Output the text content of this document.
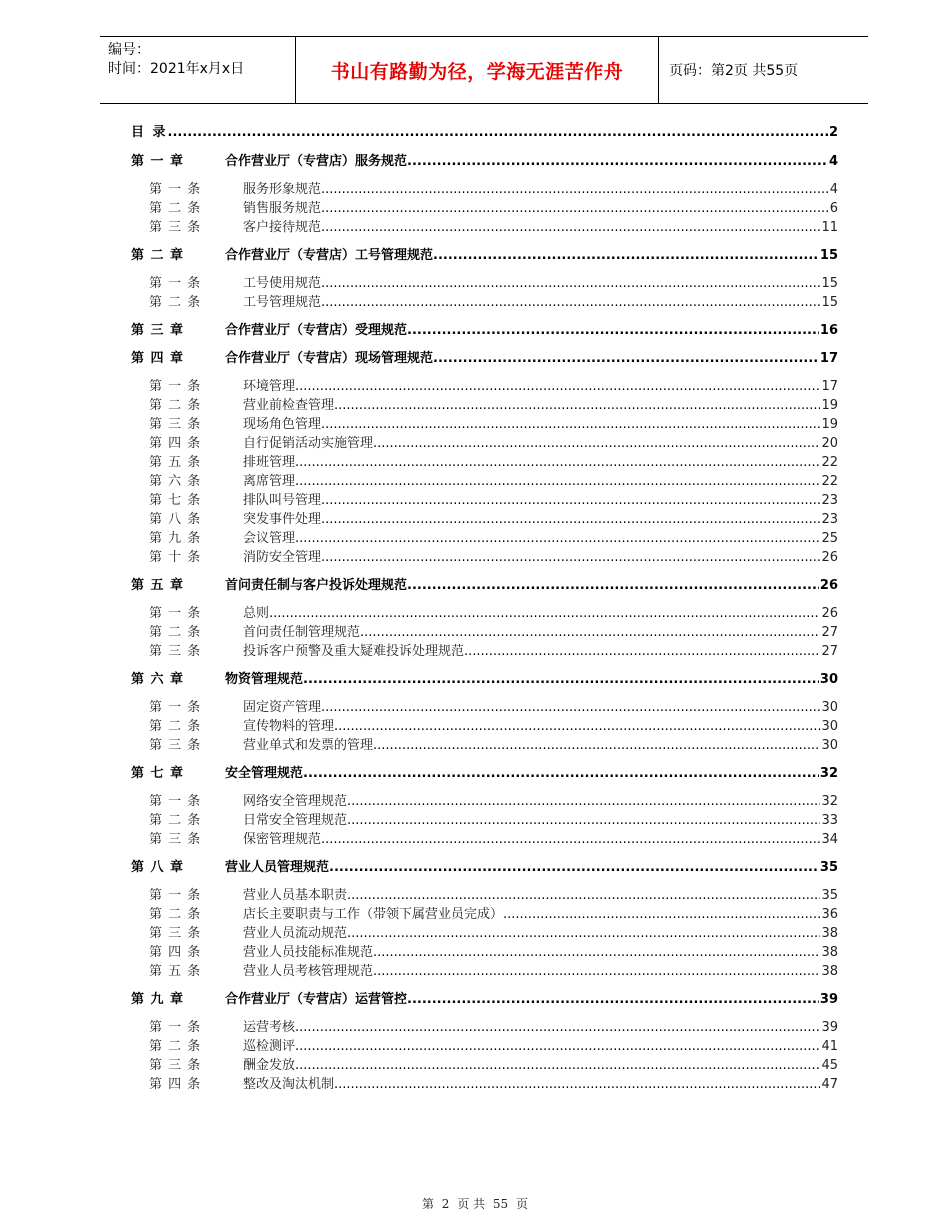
编号：
时间：2021年x月x日	书山有路勤为径，学海无涯苦作舟	页码：第2页 共55页
目 录 .....	2
第 一 章	合作营业厅（专营店）服务规范 .....	4
第 一 条	服务形象规范 .....	4
第 二 条	销售服务规范 .....	6
第 三 条	客户接待规范 .....	11
第 二 章	合作营业厅（专营店）工号管理规范 .....	15
第 一 条	工号使用规范 .....	15
第 二 条	工号管理规范 .....	15
第 三 章	合作营业厅（专营店）受理规范 .....	16
第 四 章	合作营业厅（专营店）现场管理规范 .....	17
第 一 条	环境管理 .....	17
第 二 条	营业前检查管理 .....	19
第 三 条	现场角色管理 .....	19
第 四 条	自行促销活动实施管理 .....	20
第 五 条	排班管理 .....	22
第 六 条	离席管理 .....	22
第 七 条	排队叫号管理 .....	23
第 八 条	突发事件处理 .....	23
第 九 条	会议管理 .....	25
第 十 条	消防安全管理 .....	26
第 五 章	首问责任制与客户投诉处理规范 .....	26
第 一 条	总则 .....	26
第 二 条	首问责任制管理规范 .....	27
第 三 条	投诉客户预警及重大疑难投诉处理规范 .....	27
第 六 章	物资管理规范 .....	30
第 一 条	固定资产管理 .....	30
第 二 条	宣传物料的管理 .....	30
第 三 条	营业单式和发票的管理 .....	30
第 七 章	安全管理规范 .....	32
第 一 条	网络安全管理规范 .....	32
第 二 条	日常安全管理规范 .....	33
第 三 条	保密管理规范 .....	34
第 八 章	营业人员管理规范 .....	35
第 一 条	营业人员基本职责 .....	35
第 二 条	店长主要职责与工作（带领下属营业员完成） .....	36
第 三 条	营业人员流动规范 .....	38
第 四 条	营业人员技能标准规范 .....	38
第 五 条	营业人员考核管理规范 .....	38
第 九 章	合作营业厅（专营店）运营管控 .....	39
第 一 条	运营考核 .....	39
第 二 条	巡检测评 .....	41
第 三 条	酬金发放 .....	45
第 四 条	整改及淘汰机制 .....	47
第 2 页 共 55 页
